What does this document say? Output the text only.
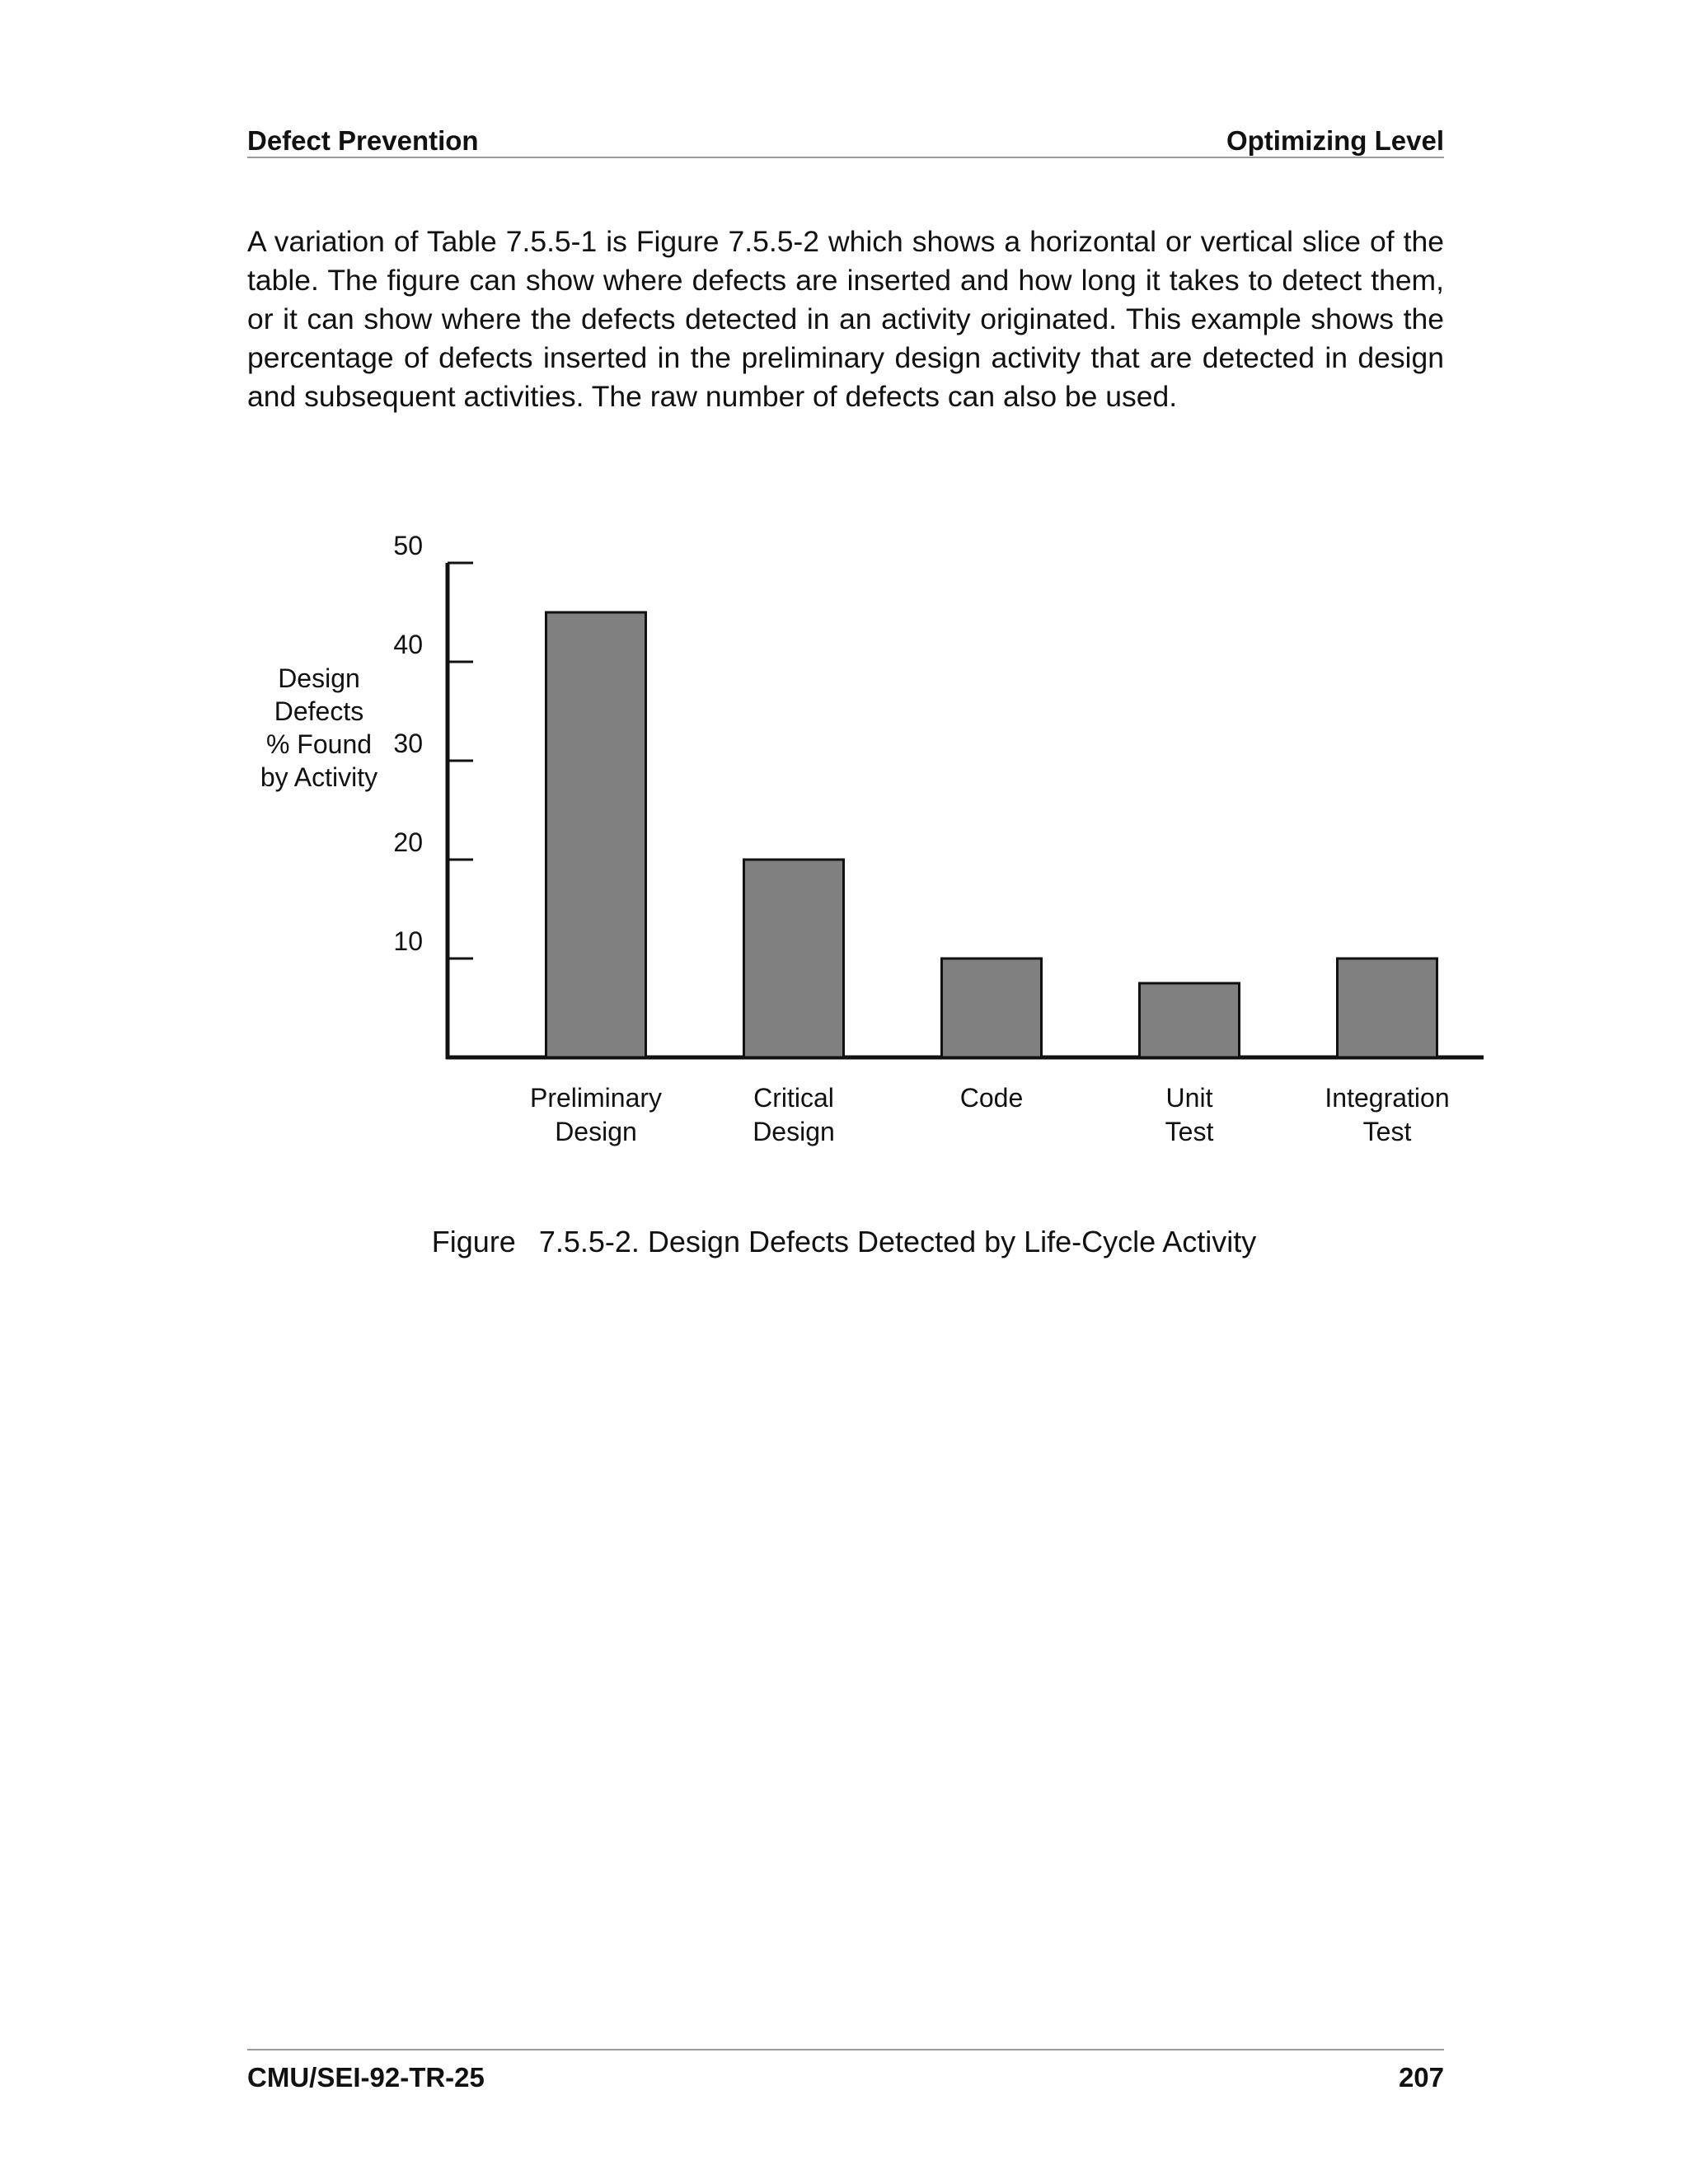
Defect Prevention	Optimizing Level

A variation of Table 7.5.5-1 is Figure 7.5.5-2 which shows a horizontal or vertical slice of the table. The figure can show where defects are inserted and how long it takes to detect them, or it can show where the defects detected in an activity originated. This example shows the percentage of defects inserted in the preliminary design activity that are detected in design and subsequent activities. The raw number of defects can also be used.

10
20
30
40
50
Design
Defects
% Found
by Activity
Preliminary
Design
Critical
Design
Code	Unit
Test
Integration
Test

Figure 7.5.5-2. Design Defects Detected by Life-Cycle Activity

CMU/SEI-92-TR-25	207
